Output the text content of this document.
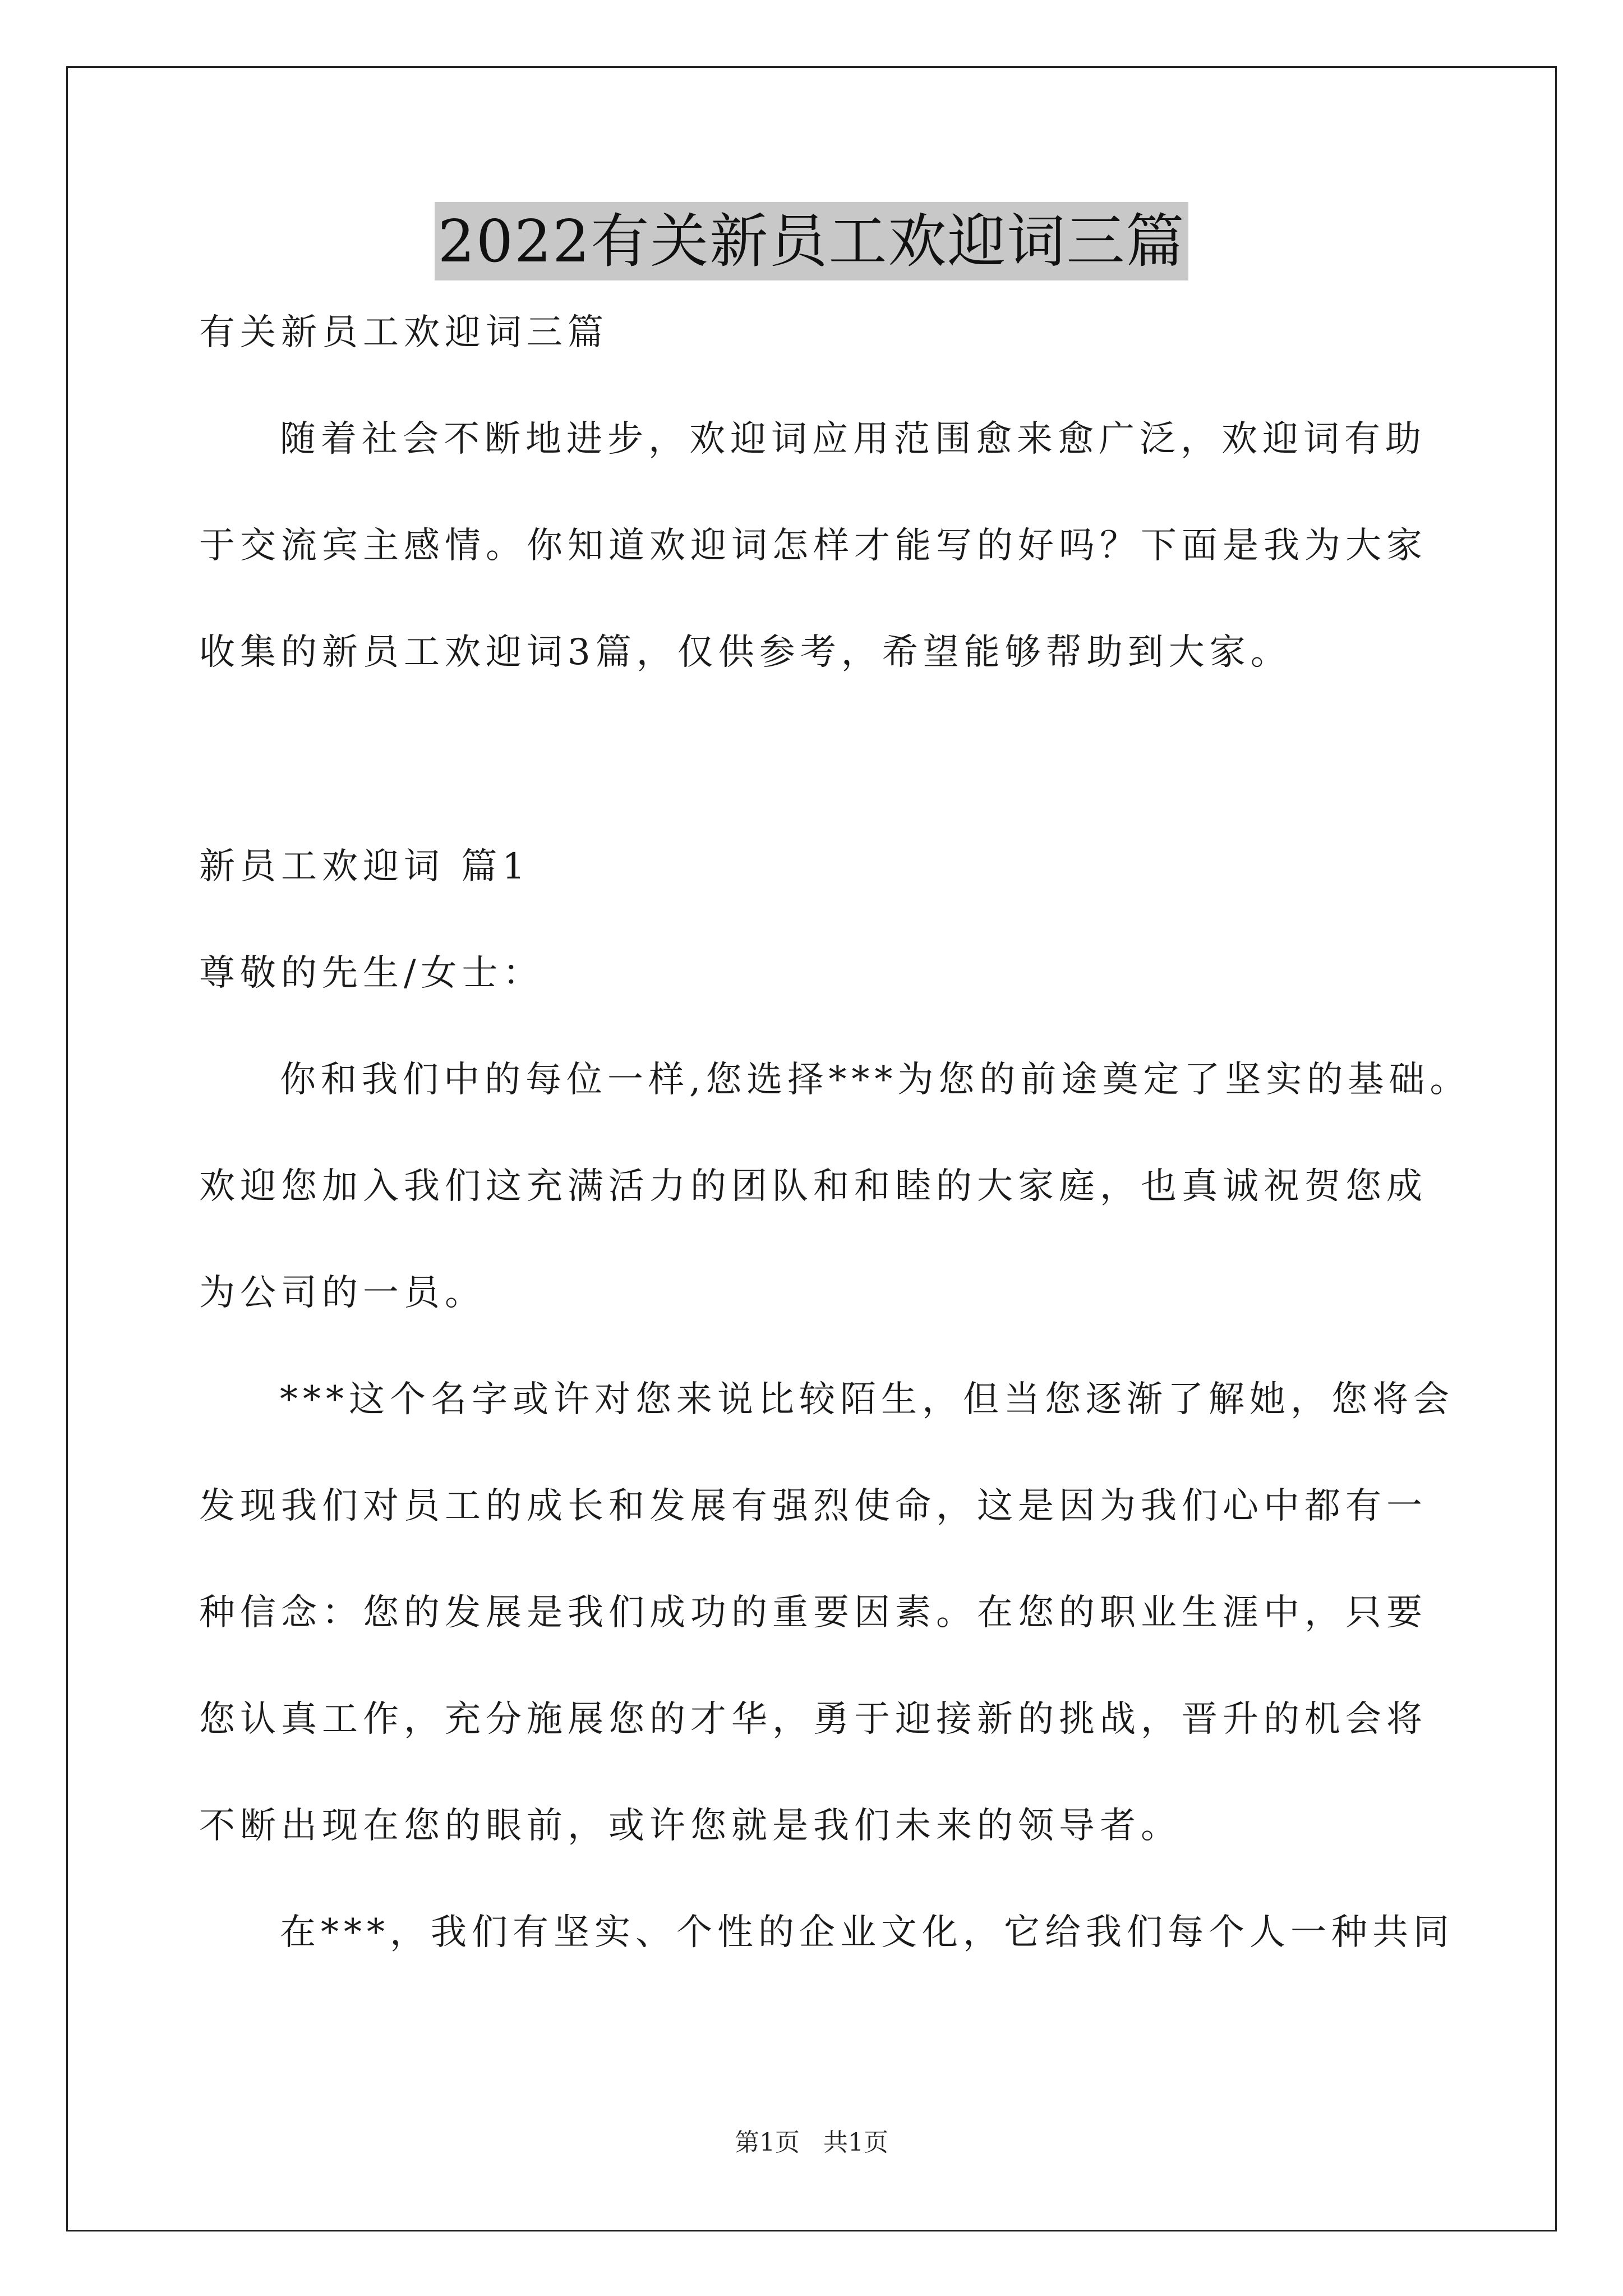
2022有关新员工欢迎词三篇
有关新员工欢迎词三篇
随着社会不断地进步，欢迎词应用范围愈来愈广泛，欢迎词有助
于交流宾主感情。你知道欢迎词怎样才能写的好吗？下面是我为大家
收集的新员工欢迎词3篇，仅供参考，希望能够帮助到大家。
新员工欢迎词 篇1
尊敬的先生/女士：
你和我们中的每位一样,您选择***为您的前途奠定了坚实的基础。
欢迎您加入我们这充满活力的团队和和睦的大家庭，也真诚祝贺您成
为公司的一员。
***这个名字或许对您来说比较陌生，但当您逐渐了解她，您将会
发现我们对员工的成长和发展有强烈使命，这是因为我们心中都有一
种信念：您的发展是我们成功的重要因素。在您的职业生涯中，只要
您认真工作，充分施展您的才华，勇于迎接新的挑战，晋升的机会将
不断出现在您的眼前，或许您就是我们未来的领导者。
在***，我们有坚实、个性的企业文化，它给我们每个人一种共同
第1页   共1页
